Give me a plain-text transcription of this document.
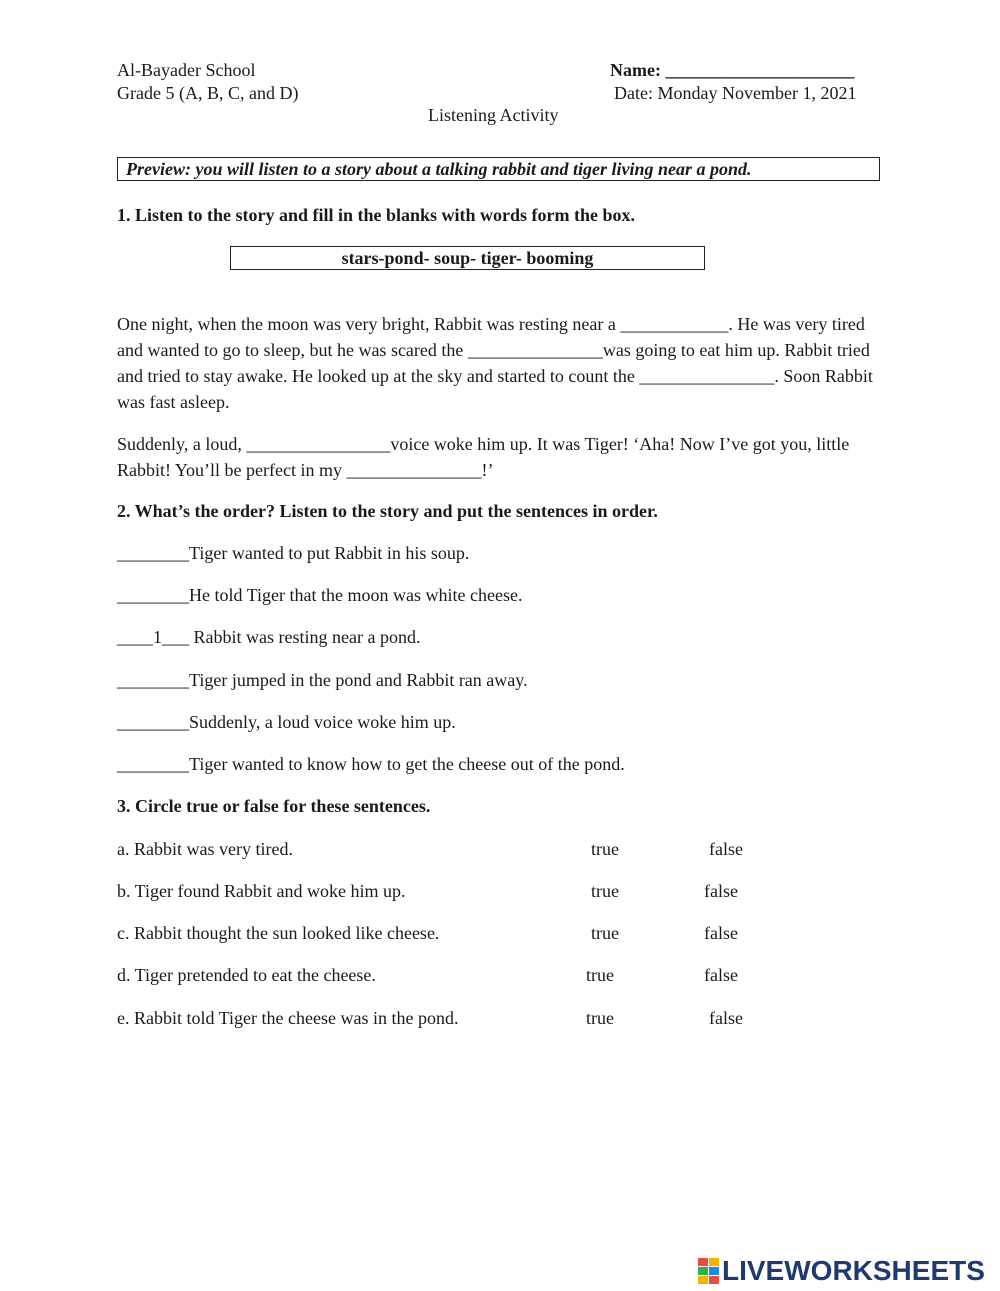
Al-Bayader School
Grade 5 (A, B, C, and D)
Name: _____________________
Date: Monday November 1, 2021
Listening Activity
Preview: you will listen to a story about a talking rabbit and tiger living near a pond.
1. Listen to the story and fill in the blanks with words form the box.
stars-pond- soup- tiger- booming
One night, when the moon was very bright, Rabbit was resting near a ____________. He was very tired and wanted to go to sleep, but he was scared the _______________was going to eat him up. Rabbit tried and tried to stay awake. He looked up at the sky and started to count the _______________. Soon Rabbit was fast asleep.
Suddenly, a loud, ________________voice woke him up. It was Tiger! ‘Aha! Now I’ve got you, little Rabbit! You’ll be perfect in my _______________!’
2. What’s the order? Listen to the story and put the sentences in order.
________Tiger wanted to put Rabbit in his soup.
________He told Tiger that the moon was white cheese.
____1___ Rabbit was resting near a pond.
________Tiger jumped in the pond and Rabbit ran away.
________Suddenly, a loud voice woke him up.
________Tiger wanted to know how to get the cheese out of the pond.
3. Circle true or false for these sentences.
a. Rabbit was very tired.	true	false
b. Tiger found Rabbit and woke him up.	true	false
c. Rabbit thought the sun looked like cheese.	true	false
d. Tiger pretended to eat the cheese.	true	false
e. Rabbit told Tiger the cheese was in the pond.	true	false
LIVEWORKSHEETS
